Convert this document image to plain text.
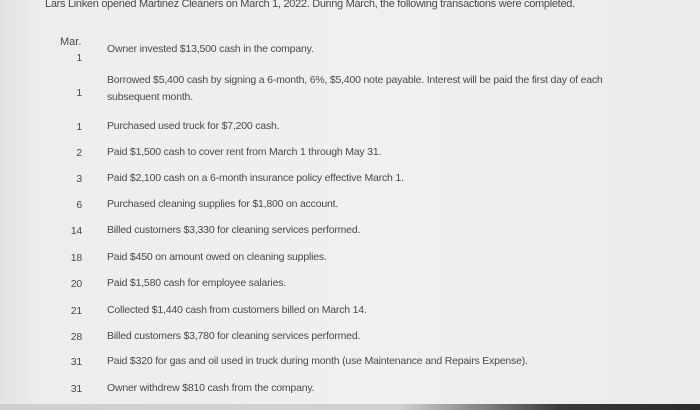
Lars Linken opened Martinez Cleaners on March 1, 2022. During March, the following transactions were completed.
Mar.
1
Owner invested $13,500 cash in the company.
1
Borrowed $5,400 cash by signing a 6-month, 6%, $5,400 note payable. Interest will be paid the first day of each subsequent month.
1 Purchased used truck for $7,200 cash.
2 Paid $1,500 cash to cover rent from March 1 through May 31.
3 Paid $2,100 cash on a 6-month insurance policy effective March 1.
6 Purchased cleaning supplies for $1,800 on account.
14 Billed customers $3,330 for cleaning services performed.
18 Paid $450 on amount owed on cleaning supplies.
20 Paid $1,580 cash for employee salaries.
21 Collected $1,440 cash from customers billed on March 14.
28 Billed customers $3,780 for cleaning services performed.
31 Paid $320 for gas and oil used in truck during month (use Maintenance and Repairs Expense).
31 Owner withdrew $810 cash from the company.
